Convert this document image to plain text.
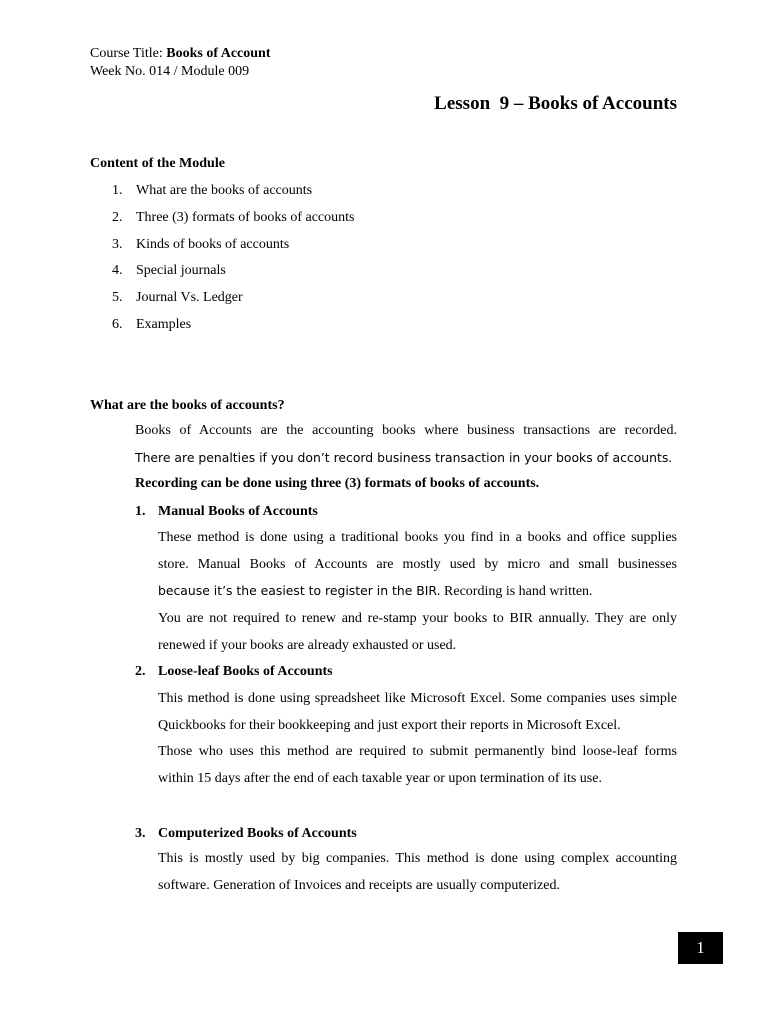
Course Title: Books of Account
Week No. 014 / Module 009
Lesson  9 – Books of Accounts
Content of the Module
1. What are the books of accounts
2. Three (3) formats of books of accounts
3. Kinds of books of accounts
4. Special journals
5. Journal Vs. Ledger
6. Examples
What are the books of accounts?
Books of Accounts are the accounting books where business transactions are recorded.
There are penalties if you don’t record business transaction in your books of accounts.
Recording can be done using three (3) formats of books of accounts.
1. Manual Books of Accounts
These method is done using a traditional books you find in a books and office supplies
store. Manual Books of Accounts are mostly used by micro and small businesses
because it’s the easiest to register in the BIR. Recording is hand written.
You are not required to renew and re-stamp your books to BIR annually. They are only renewed if your books are already exhausted or used.
2. Loose-leaf Books of Accounts
This method is done using spreadsheet like Microsoft Excel. Some companies uses simple Quickbooks for their bookkeeping and just export their reports in Microsoft Excel.
Those who uses this method are required to submit permanently bind loose-leaf forms within 15 days after the end of each taxable year or upon termination of its use.
3. Computerized Books of Accounts
This is mostly used by big companies. This method is done using complex accounting software. Generation of Invoices and receipts are usually computerized.
1
